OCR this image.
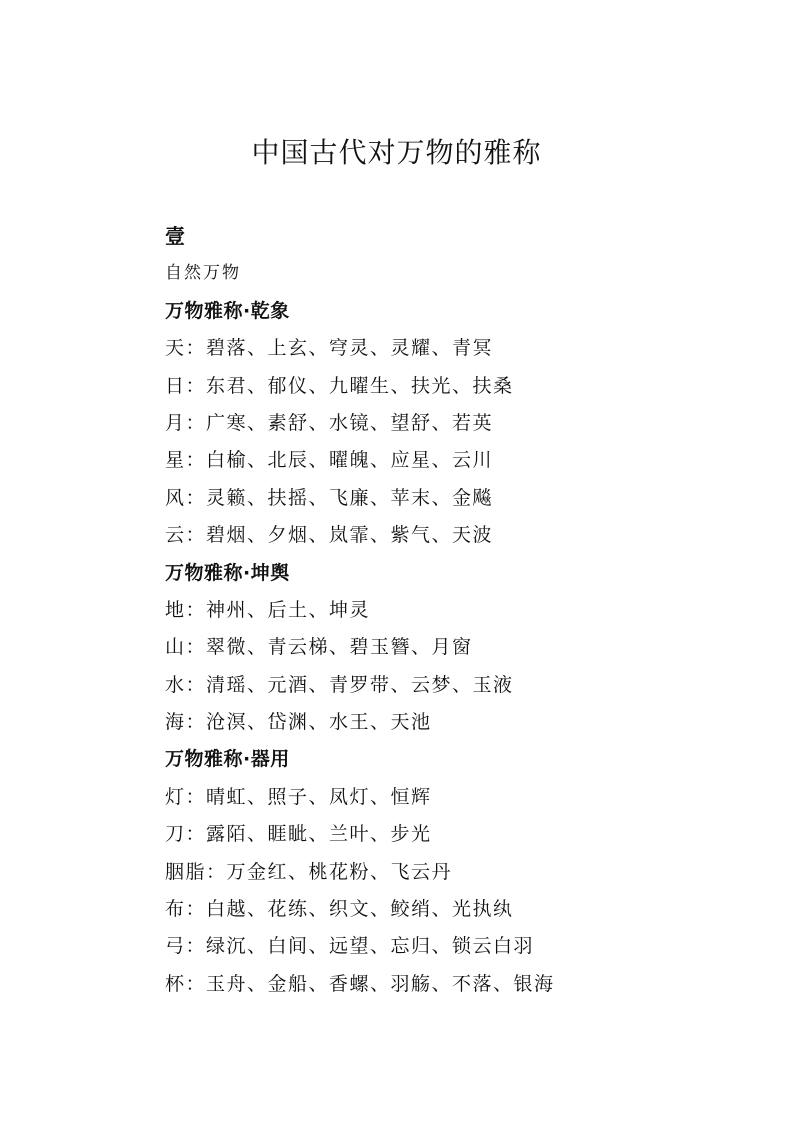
中国古代对万物的雅称
壹
自然万物
万物雅称·乾象
天：碧落、上玄、穹灵、灵耀、青冥
日：东君、郁仪、九曜生、扶光、扶桑
月：广寒、素舒、水镜、望舒、若英
星：白榆、北辰、曜魄、应星、云川
风：灵籁、扶摇、飞廉、苹末、金飚
云：碧烟、夕烟、岚霏、紫气、天波
万物雅称·坤舆
地：神州、后土、坤灵
山：翠微、青云梯、碧玉簪、月窗
水：清瑶、元酒、青罗带、云梦、玉液
海：沧溟、岱渊、水王、天池
万物雅称·器用
灯：晴虹、照子、凤灯、恒辉
刀：露陌、睚眦、兰叶、步光
胭脂：万金红、桃花粉、飞云丹
布：白越、花练、织文、鲛绡、光执纨
弓：绿沉、白间、远望、忘归、锁云白羽
杯：玉舟、金船、香螺、羽觞、不落、银海
